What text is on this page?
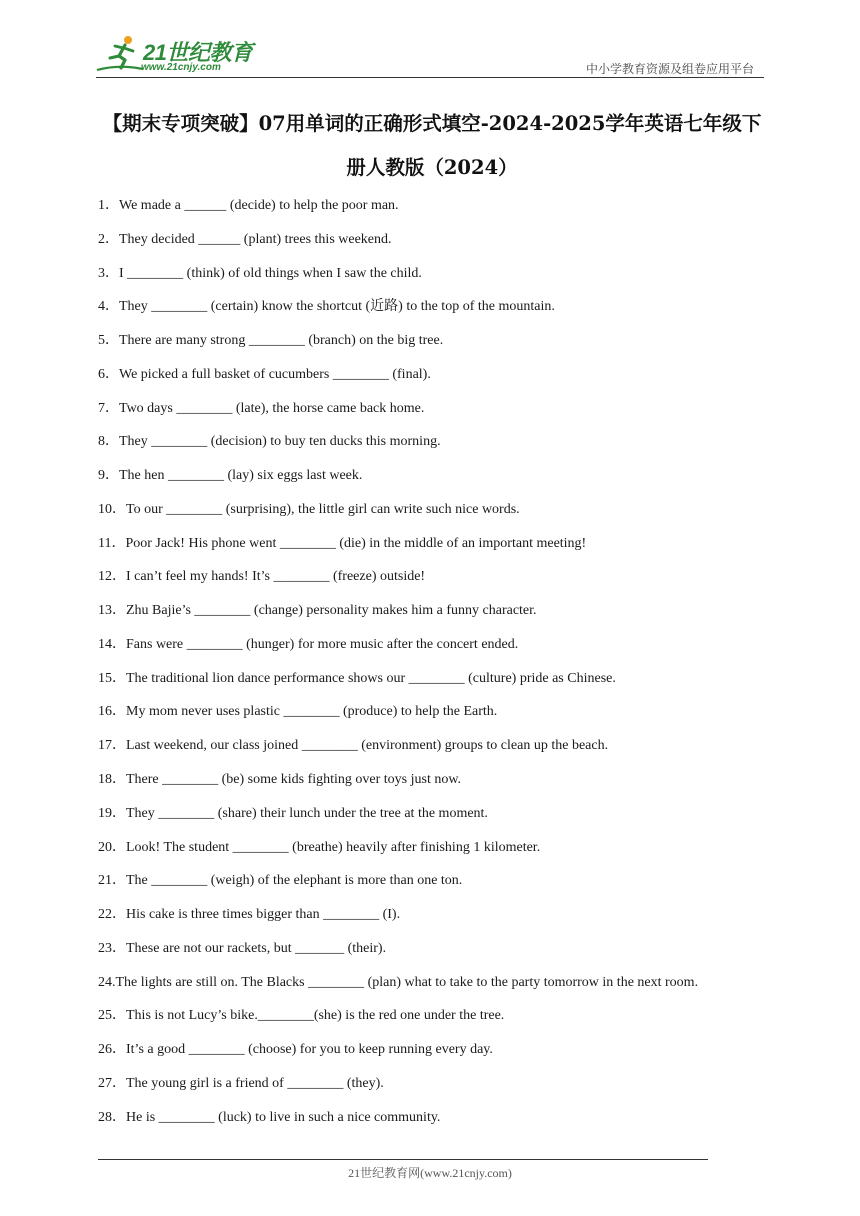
21世纪教育
www.21cnjy.com	中小学教育资源及组卷应用平台
【期末专项突破】07用单词的正确形式填空-2024-2025学年英语七年级下册人教版（2024）
1．We made a ______ (decide) to help the poor man.
2．They decided ______ (plant) trees this weekend.
3．I ________ (think) of old things when I saw the child.
4．They ________ (certain) know the shortcut (近路) to the top of the mountain.
5．There are many strong ________ (branch) on the big tree.
6．We picked a full basket of cucumbers ________ (final).
7．Two days ________ (late), the horse came back home.
8．They ________ (decision) to buy ten ducks this morning.
9．The hen ________ (lay) six eggs last week.
10．To our ________ (surprising), the little girl can write such nice words.
11．Poor Jack! His phone went ________ (die) in the middle of an important meeting!
12．I can’t feel my hands! It’s ________ (freeze) outside!
13．Zhu Bajie’s ________ (change) personality makes him a funny character.
14．Fans were ________ (hunger) for more music after the concert ended.
15．The traditional lion dance performance shows our ________ (culture) pride as Chinese.
16．My mom never uses plastic ________ (produce) to help the Earth.
17．Last weekend, our class joined ________ (environment) groups to clean up the beach.
18．There ________ (be) some kids fighting over toys just now.
19．They ________ (share) their lunch under the tree at the moment.
20．Look! The student ________ (breathe) heavily after finishing 1 kilometer.
21．The ________ (weigh) of the elephant is more than one ton.
22．His cake is three times bigger than ________ (I).
23．These are not our rackets, but _______ (their).
24.The lights are still on. The Blacks ________ (plan) what to take to the party tomorrow in the next room.
25．This is not Lucy’s bike.________(she) is the red one under the tree.
26．It’s a good ________ (choose) for you to keep running every day.
27．The young girl is a friend of ________ (they).
28．He is ________ (luck) to live in such a nice community.
21世纪教育网(www.21cnjy.com)
